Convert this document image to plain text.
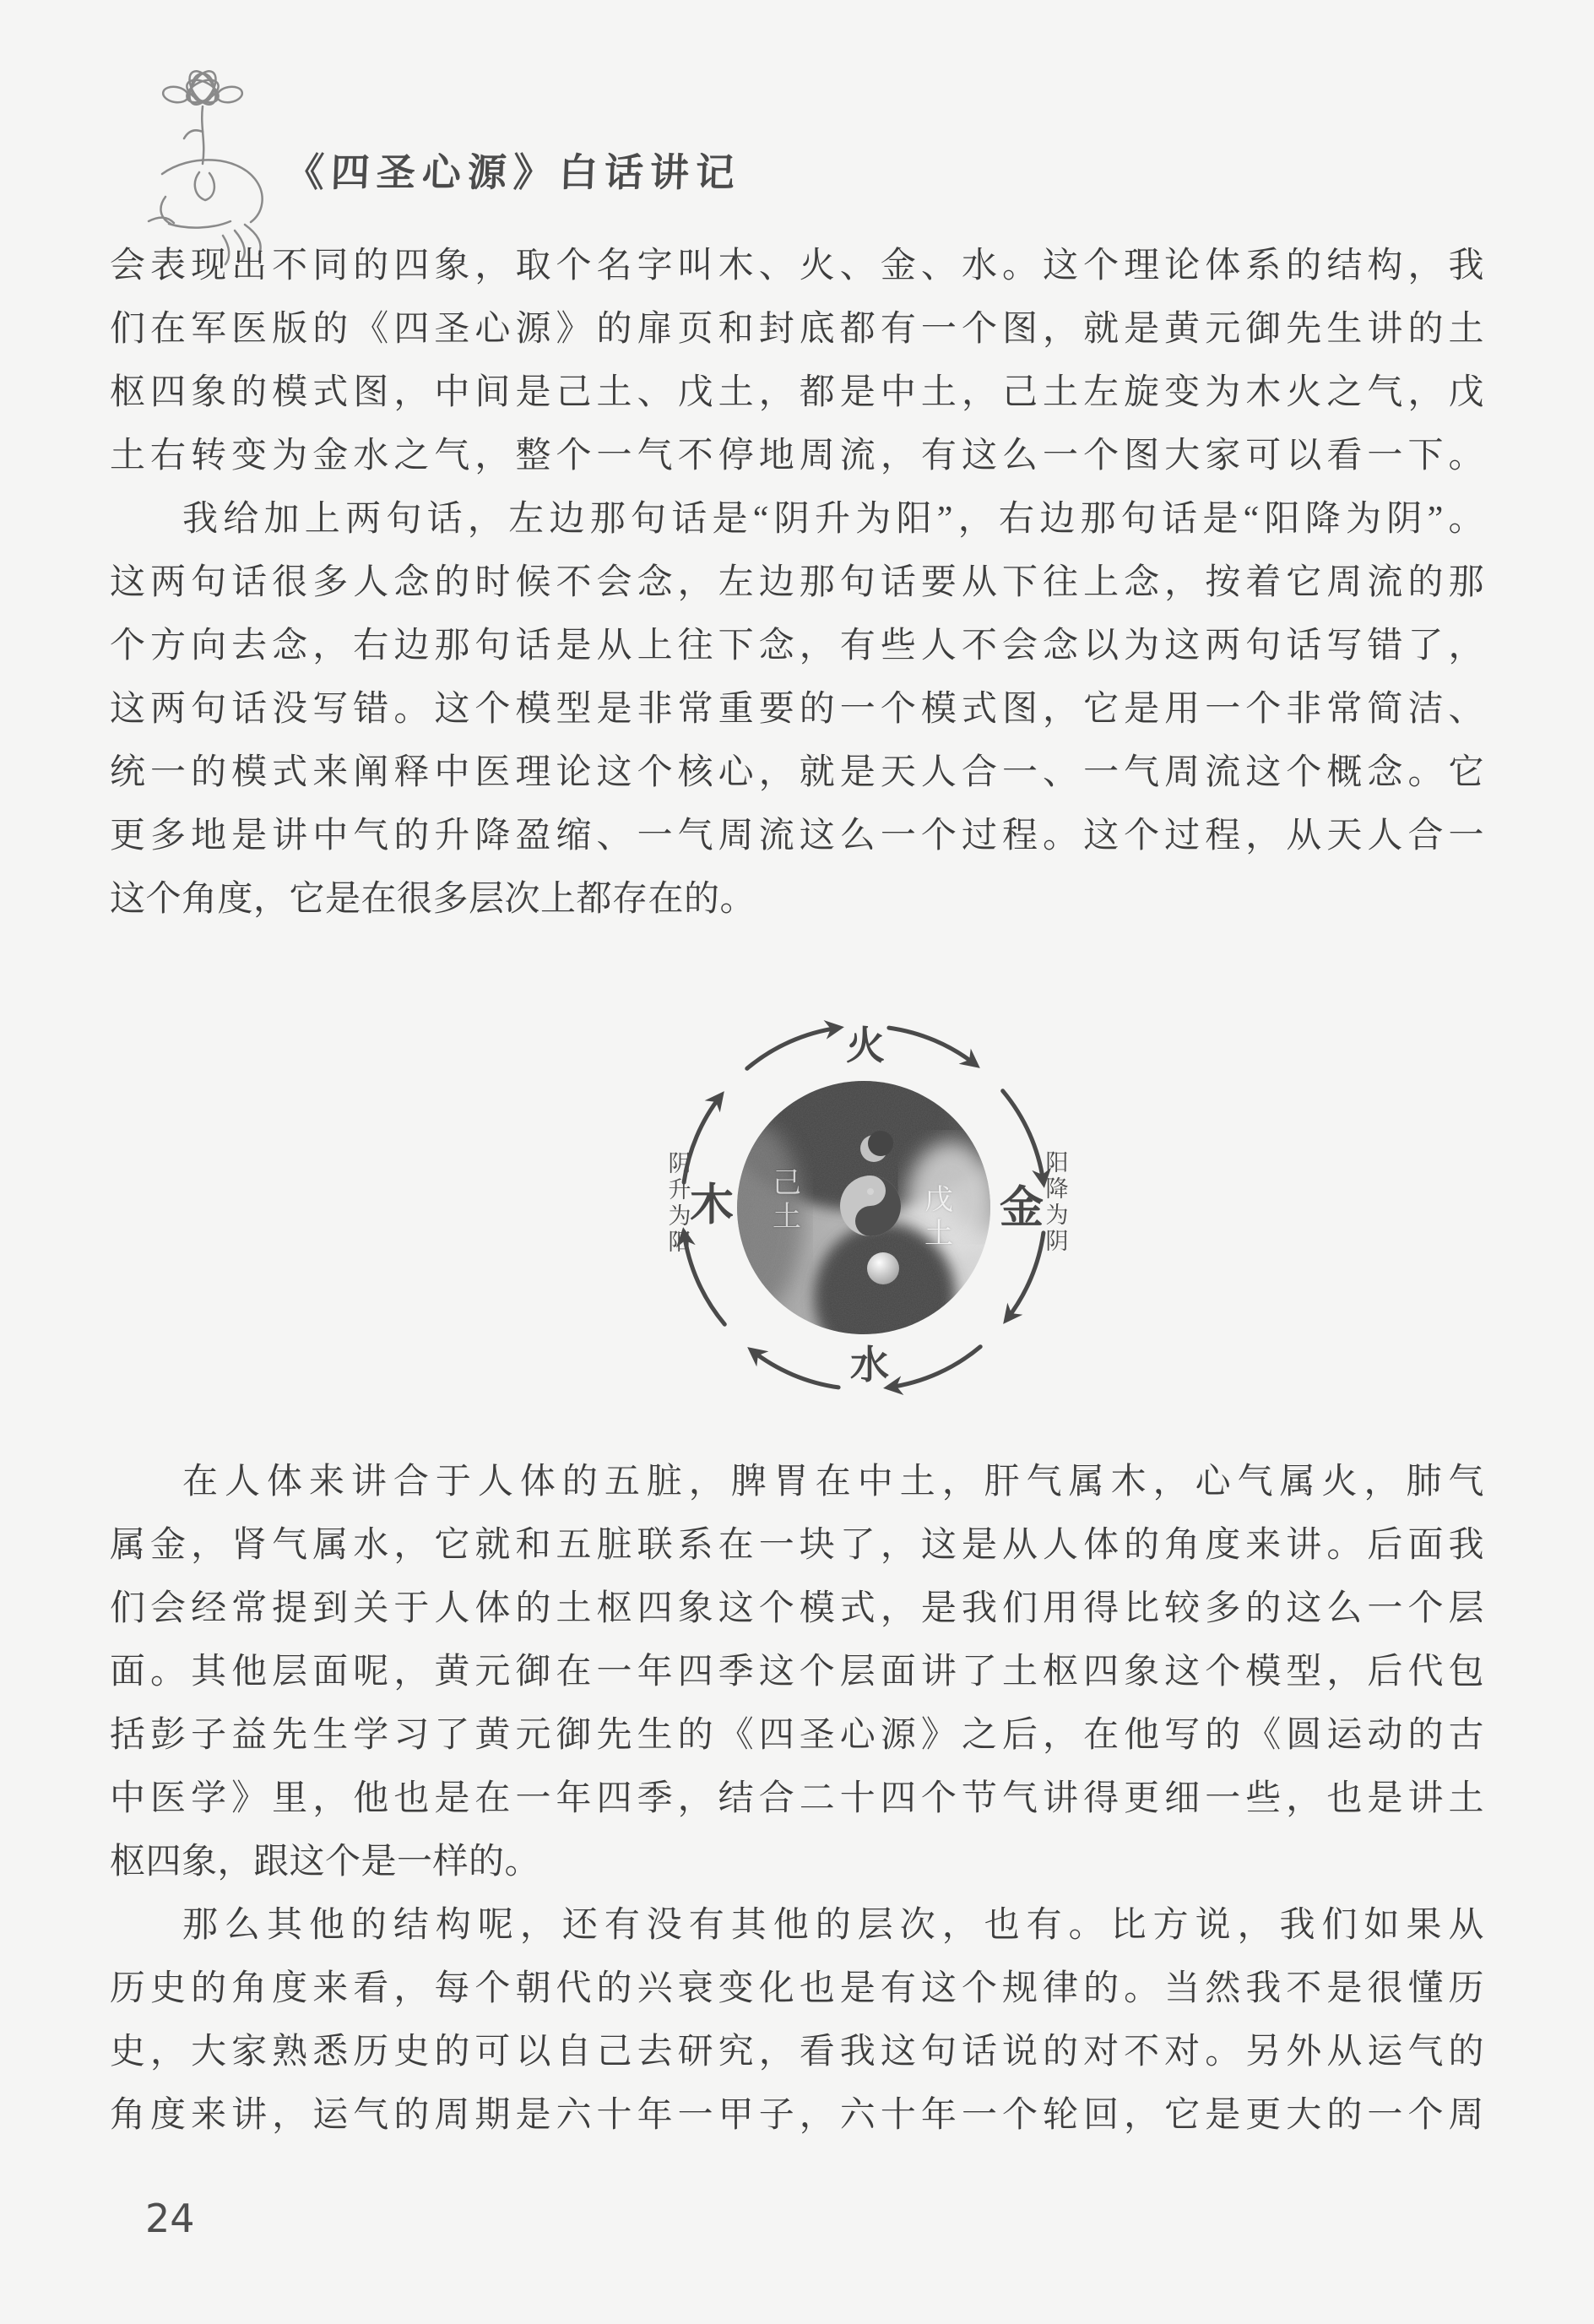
《四圣心源》白话讲记
会表现出不同的四象，取个名字叫木、火、金、水。这个理论体系的结构，我
们在军医版的《四圣心源》的扉页和封底都有一个图，就是黄元御先生讲的土
枢四象的模式图，中间是己土、戊土，都是中土，己土左旋变为木火之气，戊
土右转变为金水之气，整个一气不停地周流，有这么一个图大家可以看一下。
我给加上两句话，左边那句话是“阴升为阳”，右边那句话是“阳降为阴”。
这两句话很多人念的时候不会念，左边那句话要从下往上念，按着它周流的那
个方向去念，右边那句话是从上往下念，有些人不会念以为这两句话写错了，
这两句话没写错。这个模型是非常重要的一个模式图，它是用一个非常简洁、
统一的模式来阐释中医理论这个核心，就是天人合一、一气周流这个概念。它
更多地是讲中气的升降盈缩、一气周流这么一个过程。这个过程，从天人合一
这个角度，它是在很多层次上都存在的。
火
金
水
木
阴升为阳	阳降为阴
己土	戊土
在人体来讲合于人体的五脏，脾胃在中土，肝气属木，心气属火，肺气
属金，肾气属水，它就和五脏联系在一块了，这是从人体的角度来讲。后面我
们会经常提到关于人体的土枢四象这个模式，是我们用得比较多的这么一个层
面。其他层面呢，黄元御在一年四季这个层面讲了土枢四象这个模型，后代包
括彭子益先生学习了黄元御先生的《四圣心源》之后，在他写的《圆运动的古
中医学》里，他也是在一年四季，结合二十四个节气讲得更细一些，也是讲土
枢四象，跟这个是一样的。
那么其他的结构呢，还有没有其他的层次，也有。比方说，我们如果从
历史的角度来看，每个朝代的兴衰变化也是有这个规律的。当然我不是很懂历
史，大家熟悉历史的可以自己去研究，看我这句话说的对不对。另外从运气的
角度来讲，运气的周期是六十年一甲子，六十年一个轮回，它是更大的一个周
24
